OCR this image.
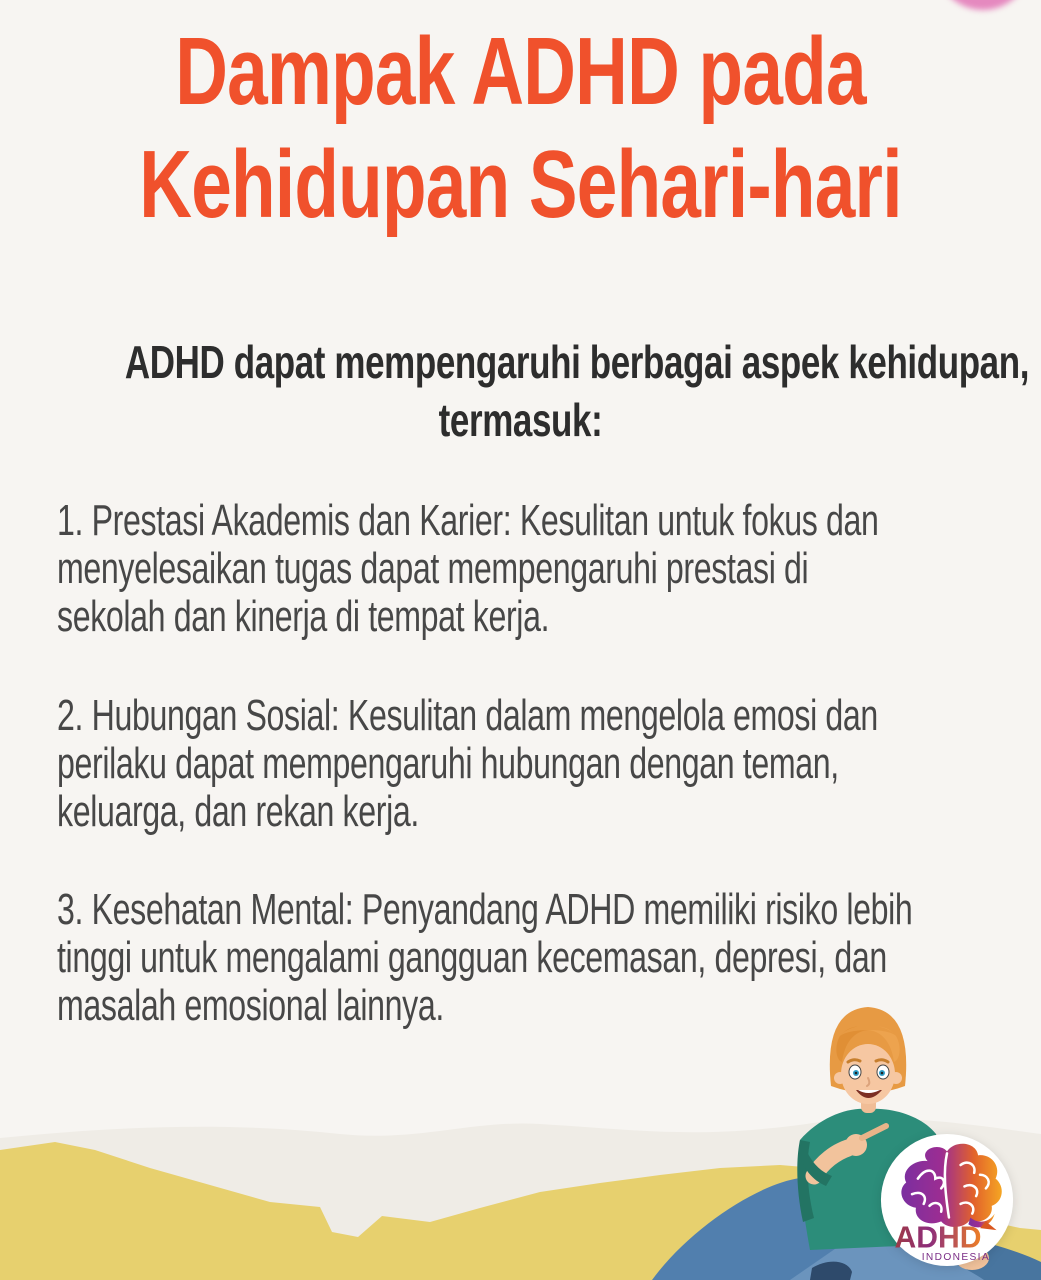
Dampak ADHD pada
Kehidupan Sehari-hari
ADHD dapat mempengaruhi berbagai aspek kehidupan,
termasuk:
1. Prestasi Akademis dan Karier: Kesulitan untuk fokus dan
menyelesaikan tugas dapat mempengaruhi prestasi di
sekolah dan kinerja di tempat kerja.
2. Hubungan Sosial: Kesulitan dalam mengelola emosi dan
perilaku dapat mempengaruhi hubungan dengan teman,
keluarga, dan rekan kerja.
3. Kesehatan Mental: Penyandang ADHD memiliki risiko lebih
tinggi untuk mengalami gangguan kecemasan, depresi, dan
masalah emosional lainnya.
ADHD
INDONESIA
